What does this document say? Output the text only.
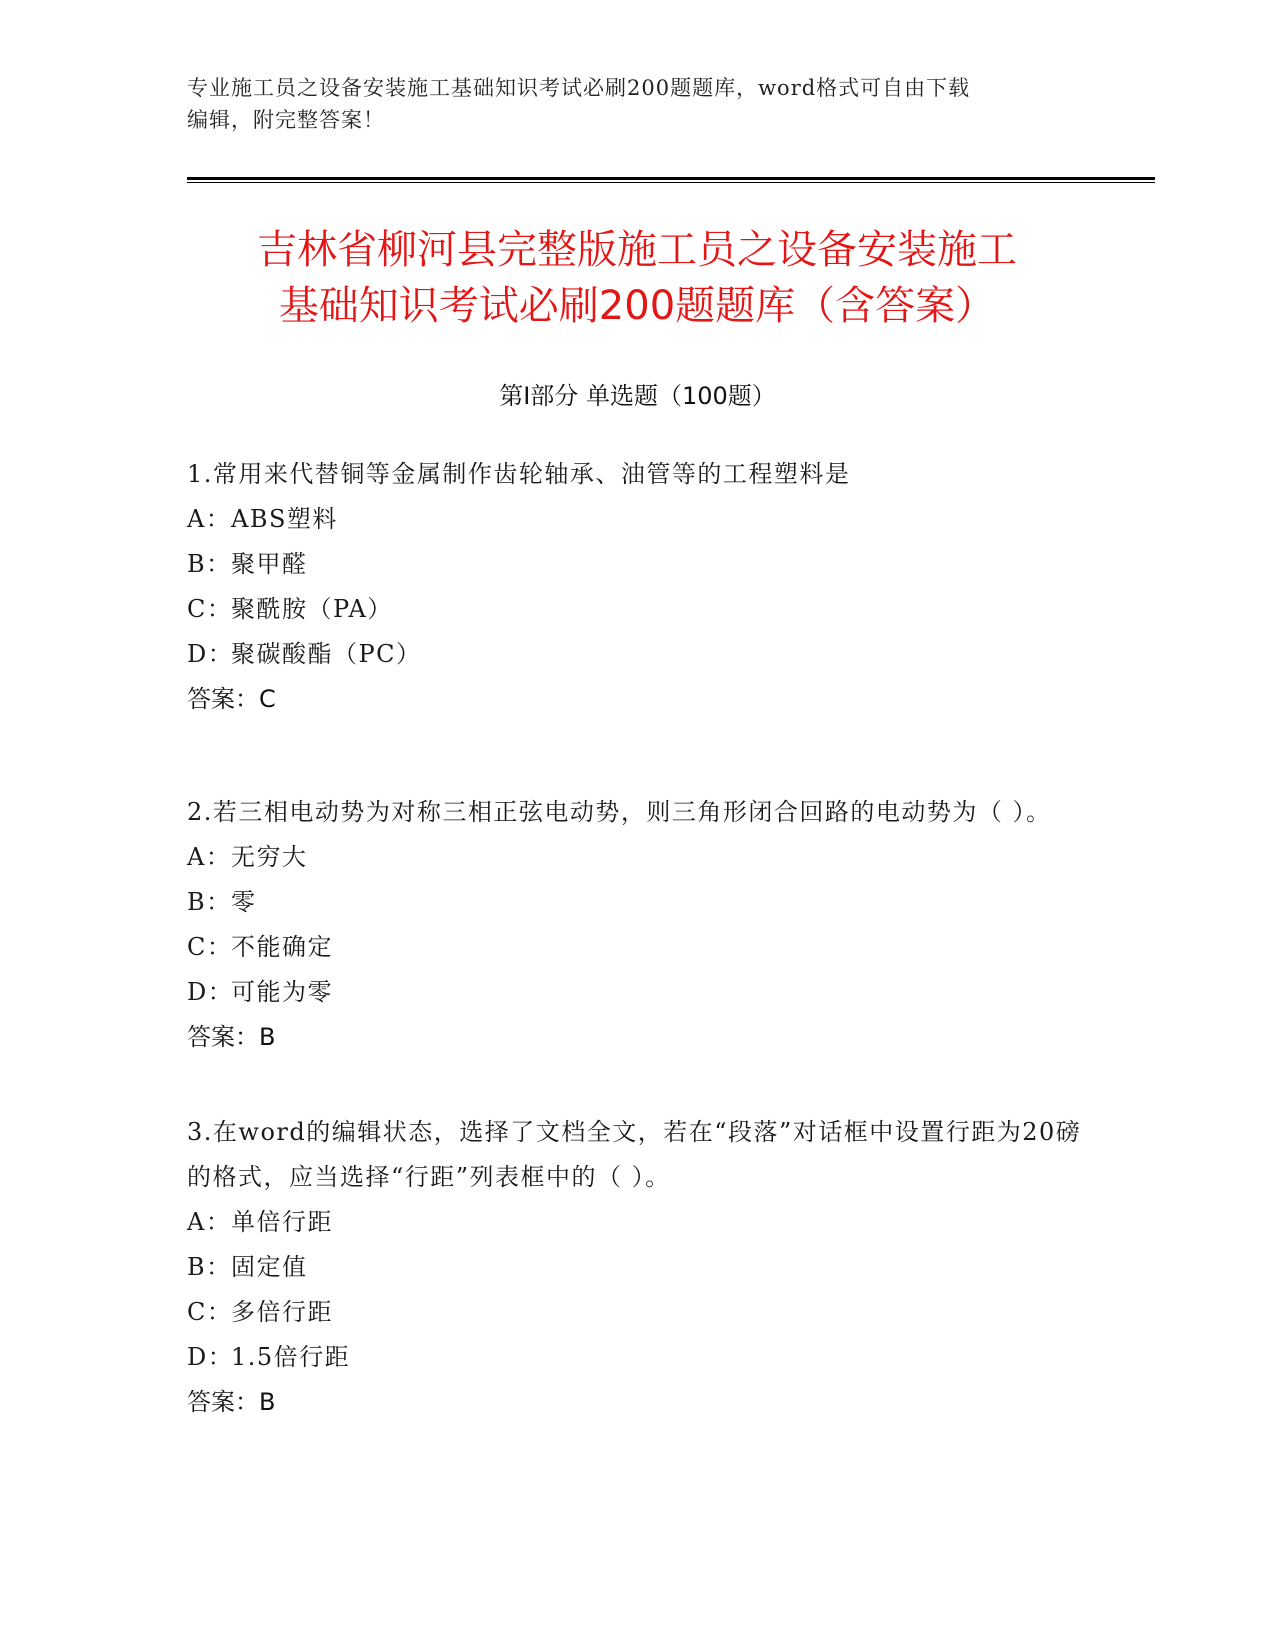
专业施工员之设备安装施工基础知识考试必刷200题题库，word格式可自由下载
编辑，附完整答案！
吉林省柳河县完整版施工员之设备安装施工
基础知识考试必刷200题题库（含答案）
第Ⅰ部分 单选题（100题）
1.常用来代替铜等金属制作齿轮轴承、油管等的工程塑料是
A：ABS塑料
B：聚甲醛
C：聚酰胺（PA）
D：聚碳酸酯（PC）
答案：C
2.若三相电动势为对称三相正弦电动势，则三角形闭合回路的电动势为（ ）。
A：无穷大
B：零
C：不能确定
D：可能为零
答案：B
3.在word的编辑状态，选择了文档全文，若在“段落”对话框中设置行距为20磅的格式，应当选择“行距”列表框中的（ ）。
A：单倍行距
B：固定值
C：多倍行距
D：1.5倍行距
答案：B
